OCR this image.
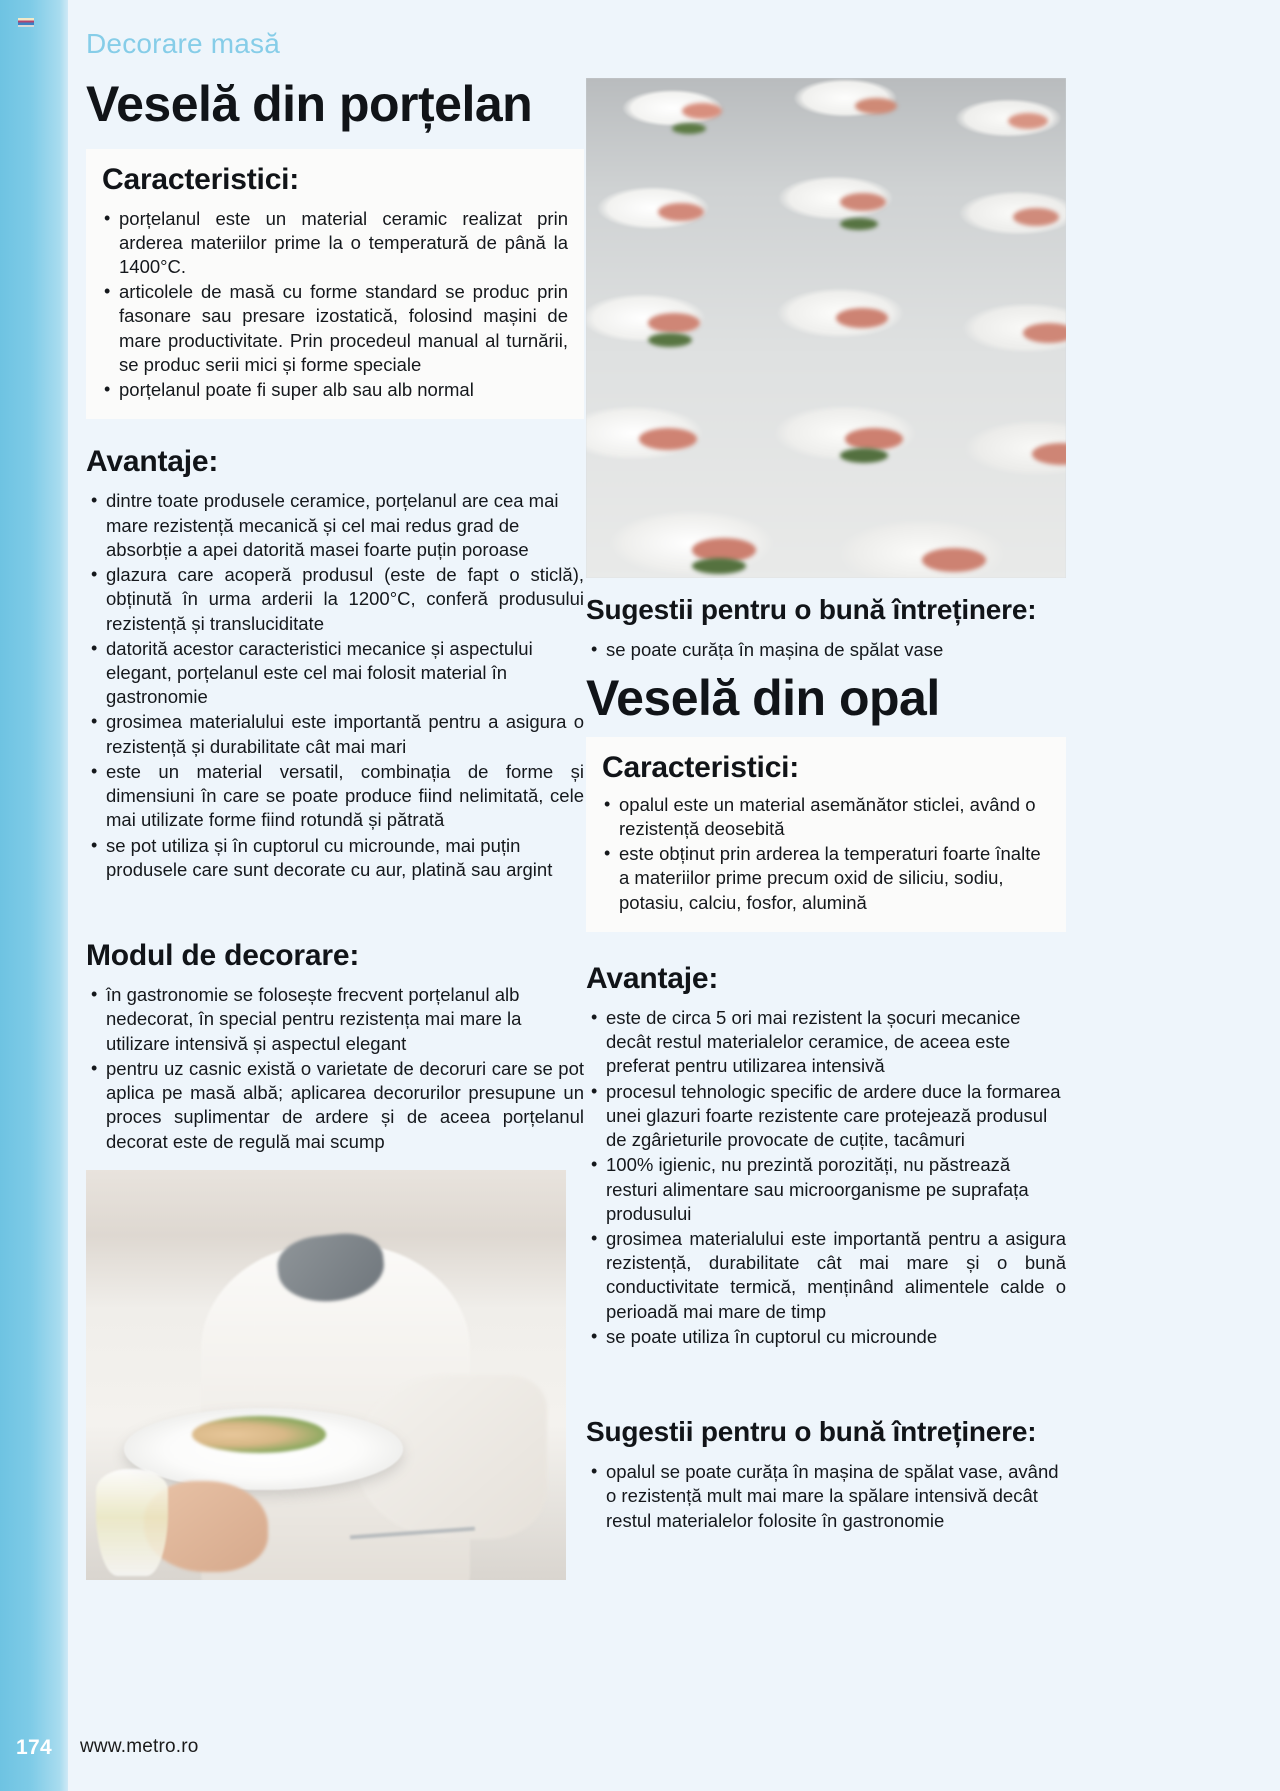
174
Decorare masă
www.metro.ro
Veselă din porțelan
Caracteristici:
• porțelanul este un material ceramic realizat prin arderea materiilor prime la o temperatură de până la 1400°C.
• articolele de masă cu forme standard se produc prin fasonare sau presare izostatică, folosind mașini de mare productivitate. Prin procedeul manual al turnării, se produc serii mici și forme speciale
• porțelanul poate fi super alb sau alb normal
Avantaje:
• dintre toate produsele ceramice, porțelanul are cea mai mare rezistență mecanică și cel mai redus grad de absorbție a apei datorită masei foarte puțin poroase
• glazura care acoperă produsul (este de fapt o sticlă), obținută în urma arderii la 1200°C, conferă produsului rezistență și transluciditate
• datorită acestor caracteristici mecanice și aspectului elegant, porțelanul este cel mai folosit material în gastronomie
• grosimea materialului este importantă pentru a asigura o rezistență și durabilitate cât mai mari
• este un material versatil, combinația de forme și dimensiuni în care se poate produce fiind nelimitată, cele mai utilizate forme fiind rotundă și pătrată
• se pot utiliza și în cuptorul cu microunde, mai puțin produsele care sunt decorate cu aur, platină sau argint
Modul de decorare:
• în gastronomie se folosește frecvent porțelanul alb nedecorat, în special pentru rezistența mai mare la utilizare intensivă și aspectul elegant
• pentru uz casnic există o varietate de decoruri care se pot aplica pe masă albă; aplicarea decorurilor presupune un proces suplimentar de ardere și de aceea porțelanul decorat este de regulă mai scump
Sugestii pentru o bună întreținere:
• se poate curăța în mașina de spălat vase
Veselă din opal
Caracteristici:
• opalul este un material asemănător sticlei, având o rezistență deosebită
• este obținut prin arderea la temperaturi foarte înalte a materiilor prime precum oxid de siliciu, sodiu, potasiu, calciu, fosfor, alumină
Avantaje:
• este de circa 5 ori mai rezistent la șocuri mecanice decât restul materialelor ceramice, de aceea este preferat pentru utilizarea intensivă
• procesul tehnologic specific de ardere duce la formarea unei glazuri foarte rezistente care protejează produsul de zgârieturile provocate de cuțite, tacâmuri
• 100% igienic, nu prezintă porozități, nu păstrează resturi alimentare sau microorganisme pe suprafața produsului
• grosimea materialului este importantă pentru a asigura rezistență, durabilitate cât mai mare și o bună conductivitate termică, menținând alimentele calde o perioadă mai mare de timp
• se poate utiliza în cuptorul cu microunde
Sugestii pentru o bună întreținere:
• opalul se poate curăța în mașina de spălat vase, având o rezistență mult mai mare la spălare intensivă decât restul materialelor folosite în gastronomie
